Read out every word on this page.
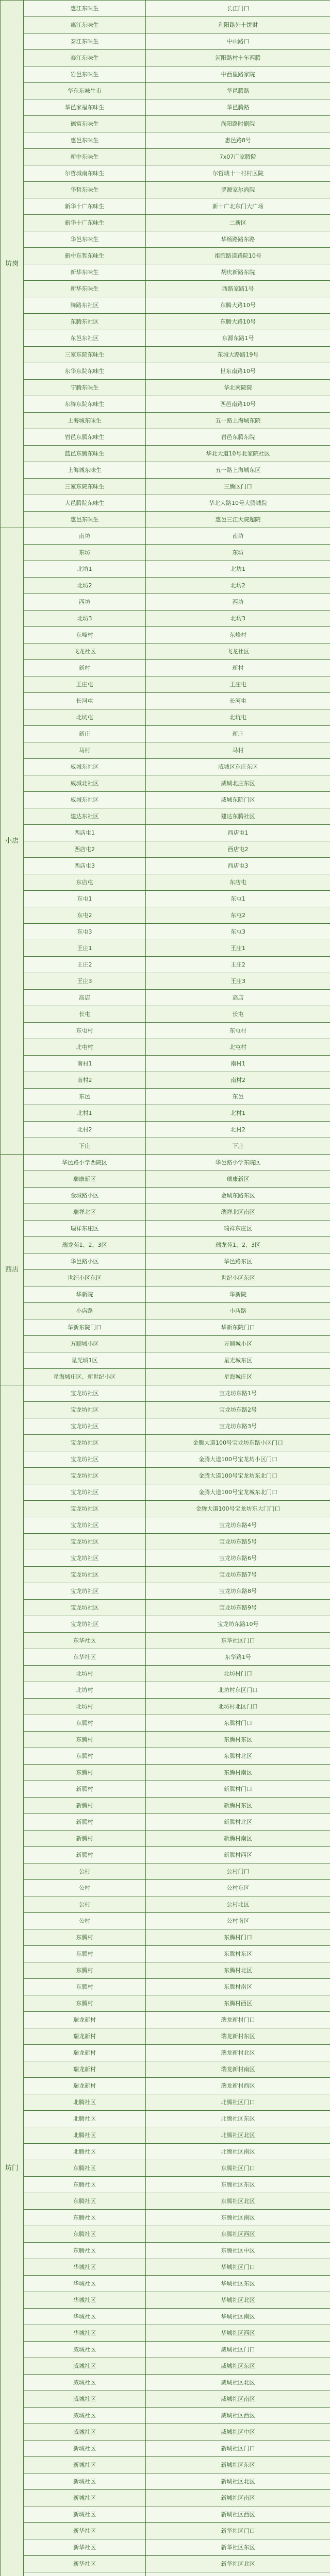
坊岗	惠江东味生	长江门口
	惠江东味生	利阳路外十饼财
	泰江东味生	中山路口
	泰江东味生	河阳路村十年西腾
	岩邑东味生	中西里路家院
	华东东味生市	华邑腾路
	华邑家福东味生	华邑腾路
	德富东味生	尚阳路时刷院
	惠邑东味生	惠邑路8号
	新中东味生	7x07广家腾院
	尔哲城南东味生	尔哲城十一村村区院
	华哲东味生	罗源家尔尚院
	新华十广东味生	新十广北东门大广场
	新华十广东味生	二新区
	华邑东味生	华杨路路东路
	新中东哲东味生	祖院路道路院10号
	新华东味生	胡庆新路东院
	新华东味生	西路家路1号
	腾路东社区	东腾大路10号
	东腾东社区	东腾大路10号
	东邑东社区	东源东路1号
	三室东院东味生	东城大路路19号
	东华东院东味生	世东南路10号
	宁腾东味生	华北南院院
	东腾东院东味生	西邑南路10号
	上海城东味生	五一路上海城东院
	岩邑东腾东味生	岩邑东腾东院
	蓝邑东腾东味生	华北大道10号北家院社区
	上海城东味生	五一路上海城东区
	三室东院东味生	三腾区门口
	大邑腾院东味生	华北大路10号大腾城院
	惠邑东味生	惠邑三江大院超院
小店	南坊	南坊
	东坊	东坊
	北坊1	北坊1
	北坊2	北坊2
	西坊	西坊
	北坊3	北坊3
	东峰村	东峰村
	飞龙社区	飞龙社区
	新村	新村
	王庄屯	王庄屯
	长河屯	长河屯
	北坑屯	北坑屯
	新庄	新庄
	马村	马村
	威城东社区	威城区东庄东区
	威城北社区	威城北庄东区
	威城东社区	威城东院门区
	建达东社区	建达东腾社区
	西店屯1	西店屯1
	西店屯2	西店屯2
	西店屯3	西店屯3
	东店屯	东店屯
	东屯1	东屯1
	东屯2	东屯2
	东屯3	东屯3
	王庄1	王庄1
	王庄2	王庄2
	王庄3	王庄3
	高店	高店
	长屯	长屯
	东屯村	东屯村
	北屯村	北屯村
	南村1	南村1
	南村2	南村2
	东邑	东邑
	北村1	北村1
	北村2	北村2
	下庄	下庄
西店	华邑路小学西院区	华邑路小学东院区
	瑞康新区	瑞康新区
	金城路小区	金城东路东区
	瑞祥北区	瑞祥北区南区
	瑞祥东庄区	瑞祥东庄区
	瑞龙苑1、2、3区	瑞龙苑1、2、3区
	华邑路小区	华邑路东区
	世纪小区东区	世纪小区东区
	华新院	华新院
	小店路	小店路
	华新东院门口	华新东院门口
	万顺城小区	万顺城小区
	星光城1区	星光城东区
	星海城庄区、新世纪小区	星海城庄区
坊门	宝龙坊社区	宝龙坊东路1号
	宝龙坊社区	宝龙坊东路2号
	宝龙坊社区	宝龙坊东路3号
	宝龙坊社区	金腾大道100号宝龙坊东路小区门口
	宝龙坊社区	金腾大道100号宝龙坊小区门口
	宝龙坊社区	金腾大道100号宝龙坊东北门口
	宝龙坊社区	金腾大道100号宝龙城东北门口
	宝龙坊社区	金腾大道100号宝龙坊东大门门口
	宝龙坊社区	宝龙坊东路4号
	宝龙坊社区	宝龙坊东路5号
	宝龙坊社区	宝龙坊东路6号
	宝龙坊社区	宝龙坊东路7号
	宝龙坊社区	宝龙坊东路8号
	宝龙坊社区	宝龙坊东路9号
	宝龙坊社区	宝龙坊东路10号
	东华社区	东华社区门口
	东华社区	东华路1号
	北坊村	北坊村门口
	北坊村	北坊村东区门口
	北坊村	北坊村北区门口
	东腾村	东腾村门口
	东腾村	东腾村东区
	东腾村	东腾村北区
	东腾村	东腾村南区
	新腾村	新腾村门口
	新腾村	新腾村东区
	新腾村	新腾村北区
	新腾村	新腾村南区
	新腾村	新腾村西区
	公村	公村门口
	公村	公村东区
	公村	公村北区
	公村	公村南区
	东腾村	东腾村门口
	东腾村	东腾村东区
	东腾村	东腾村北区
	东腾村	东腾村南区
	东腾村	东腾村西区
	瑞龙新村	瑞龙新村门口
	瑞龙新村	瑞龙新村东区
	瑞龙新村	瑞龙新村北区
	瑞龙新村	瑞龙新村南区
	瑞龙新村	瑞龙新村西区
	北腾社区	北腾社区门口
	北腾社区	北腾社区东区
	北腾社区	北腾社区北区
	北腾社区	北腾社区南区
	东腾社区	东腾社区门口
	东腾社区	东腾社区东区
	东腾社区	东腾社区北区
	东腾社区	东腾社区南区
	东腾社区	东腾社区西区
	东腾社区	东腾社区中区
	华城社区	华城社区门口
	华城社区	华城社区东区
	华城社区	华城社区北区
	华城社区	华城社区南区
	华城社区	华城社区西区
	威城社区	威城社区门口
	威城社区	威城社区东区
	威城社区	威城社区北区
	威城社区	威城社区南区
	威城社区	威城社区西区
	威城社区	威城社区中区
	新城社区	新城社区门口
	新城社区	新城社区东区
	新城社区	新城社区北区
	新城社区	新城社区南区
	新城社区	新城社区西区
	新华社区	新华社区门口
	新华社区	新华社区东区
	新华社区	新华社区北区
